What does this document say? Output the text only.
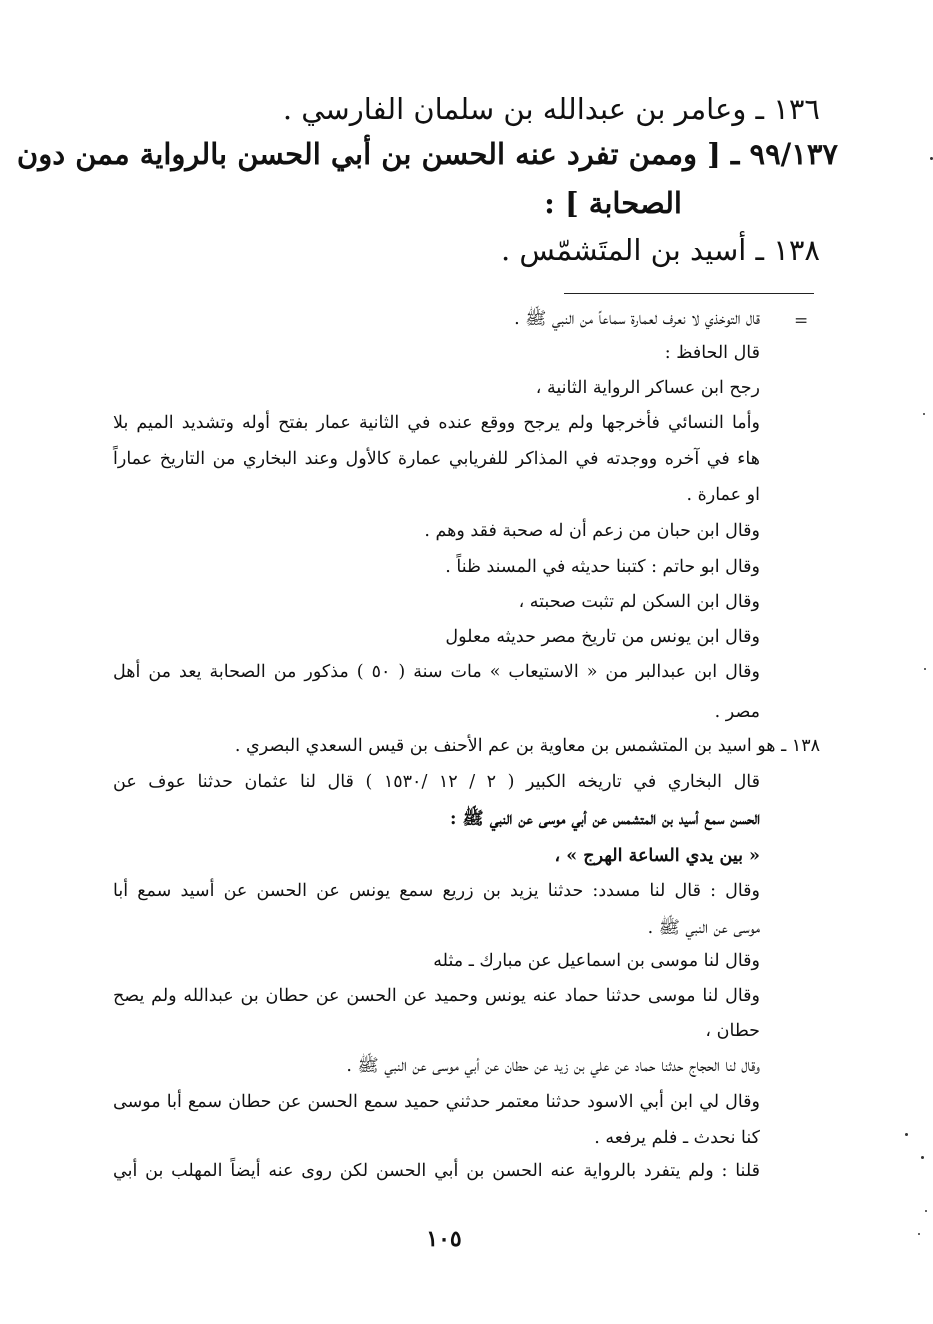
١٣٦ ـ وعامر بن عبدالله بن سلمان الفارسي .
٩٩/١٣٧ ـ [ وممن تفرد عنه الحسن بن أبي الحسن بالرواية ممن دون
الصحابة ] :
١٣٨ ـ أسيد بن المتَشمّس .
=
قال التوخذي لا نعرف لعمارة سماعاً من النبي ﷺ .
قال الحافظ :
رجح ابن عساكر الرواية الثانية ،
وأما النسائي فأخرجها ولم يرجح ووقع عنده في الثانية عمار بفتح أوله وتشديد الميم بلا
هاء في آخره ووجدته في المذاكر للفريابي عمارة كالأول وعند البخاري من التاريخ عماراً
او عمارة .
وقال ابن حبان من زعم أن له صحبة فقد وهم .
وقال ابو حاتم : كتبنا حديثه في المسند ظناً .
وقال ابن السكن لم تثبت صحبته ،
وقال ابن يونس من تاريخ مصر حديثه معلول
وقال ابن عبدالبر من « الاستيعاب » مات سنة ( ٥٠ ) مذكور من الصحابة يعد من أهل
مصر .
١٣٨ ـ هو اسيد بن المتشمس بن معاوية بن عم الأحنف بن قيس السعدي البصري .
قال البخاري في تاريخه الكبير ( ٢ / ١٢ /١٥٣٠ ) قال لنا عثمان حدثنا عوف عن
الحسن سمع أسيد بن المتشمس عن أبي موسى عن النبي ﷺ :
« بين يدي الساعة الهرج » ،
وقال : قال لنا مسدد: حدثنا يزيد بن زريع سمع يونس عن الحسن عن أسيد سمع أبا
موسى عن النبي ﷺ .
وقال لنا موسى بن اسماعيل عن مبارك ـ مثله
وقال لنا موسى حدثنا حماد عنه يونس وحميد عن الحسن عن حطان بن عبدالله ولم يصح
حطان ،
وقال لنا الحجاج حدثنا حماد عن علي بن زيد عن حطان عن أبي موسى عن النبي ﷺ .
وقال لي ابن أبي الاسود حدثنا معتمر حدثني حميد سمع الحسن عن حطان سمع أبا موسى
كنا نحدث ـ فلم يرفعه .
قلنا : ولم يتفرد بالرواية عنه الحسن بن أبي الحسن لكن روى عنه أيضاً المهلب بن أبي
١٠٥
